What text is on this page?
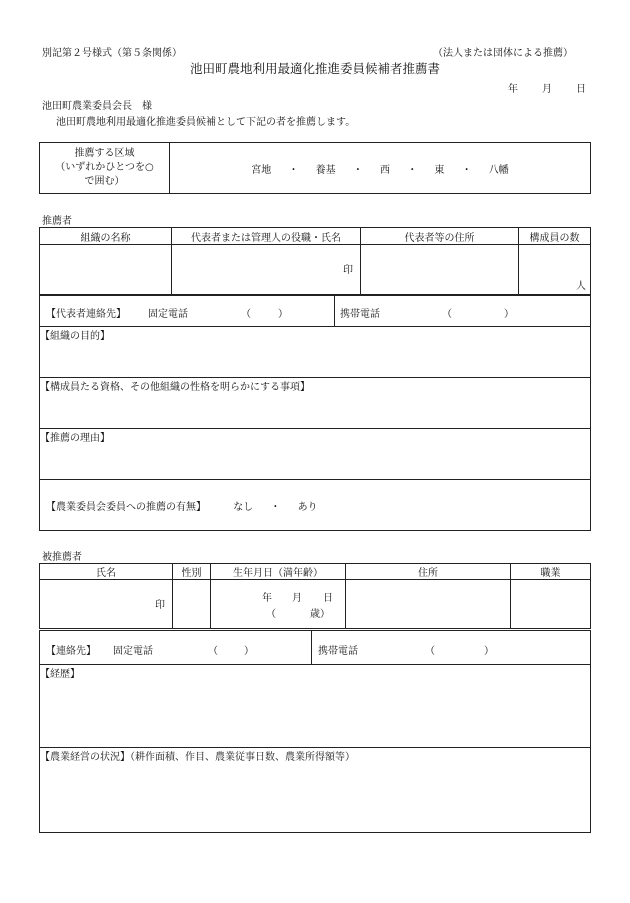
別記第２号様式（第５条関係）	（法人または団体による推薦）
池田町農地利用最適化推進委員候補者推薦書
年 月 日
池田町農業委員会長　様
池田町農地利用最適化推進委員候補として下記の者を推薦します。
推薦する区域
（いずれかひとつを○
で囲む）
	宮地 ・ 養基 ・ 西 ・ 東 ・ 八幡
推薦者
組織の名称	代表者または管理人の役職・氏名	代表者等の住所	構成員の数

	印		人
【代表者連絡先】 固定電話	（	）	携帯電話	（	）
【組織の目的】
【構成員たる資格、その他組織の性格を明らかにする事項】
【推薦の理由】
【農業委員会委員への推薦の有無】	なし ・ あり
被推薦者
氏名	性別	生年月日（満年齢）	住所	職業

印		年 月 日
（ 歳）		

【連絡先】 固定電話	（	）	携帯電話	（	）
【経歴】
【農業経営の状況】（耕作面積、作目、農業従事日数、農業所得額等）
